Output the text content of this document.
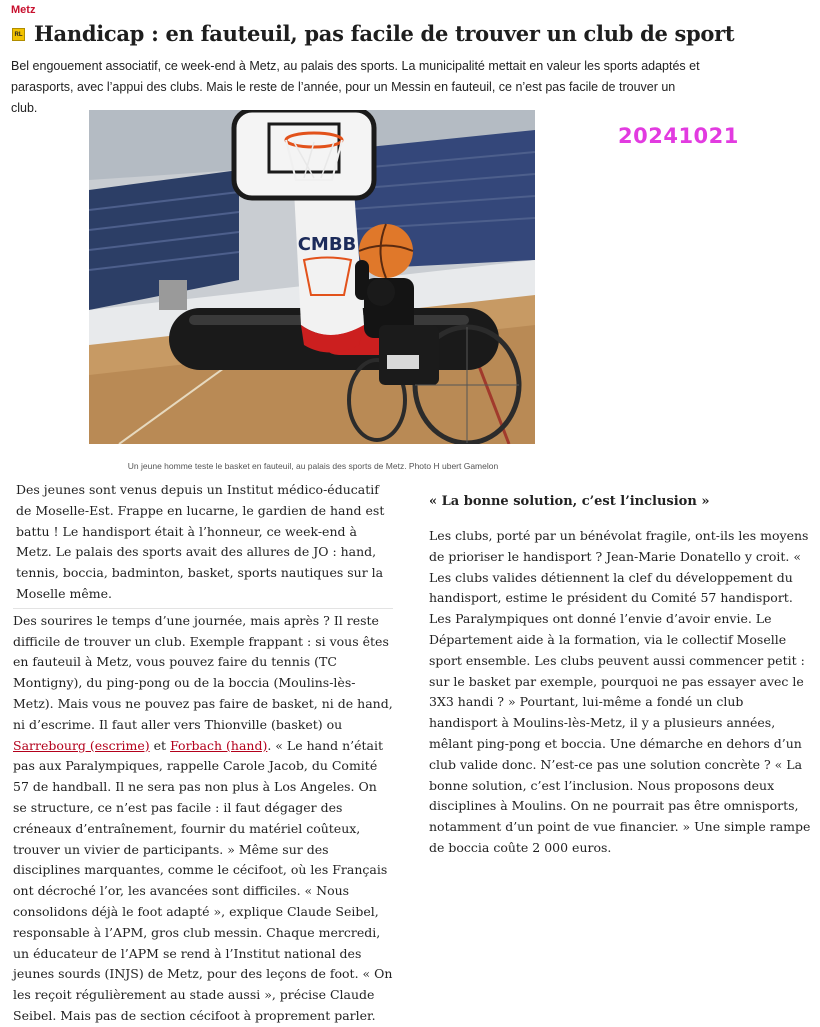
Metz
RL Handicap : en fauteuil, pas facile de trouver un club de sport
Bel engouement associatif, ce week-end à Metz, au palais des sports. La municipalité mettait en valeur les sports adaptés et parasports, avec l’appui des clubs. Mais le reste de l’année, pour un Messin en fauteuil, ce n’est pas facile de trouver un club.
CMBB
20241021
Un jeune homme teste le basket en fauteuil, au palais des sports de Metz. Photo H ubert Gamelon

Des jeunes sont venus depuis un Institut médico-éducatif de Moselle-Est. Frappe en lucarne, le gardien de hand est battu ! Le handisport était à l’honneur, ce week-end à Metz. Le palais des sports avait des allures de JO : hand, tennis, boccia, badminton, basket, sports nautiques sur la Moselle même.

Des sourires le temps d’une journée, mais après ? Il reste difficile de trouver un club. Exemple frappant : si vous êtes en fauteuil à Metz, vous pouvez faire du tennis (TC Montigny), du ping-pong ou de la boccia (Moulins-lès-Metz). Mais vous ne pouvez pas faire de basket, ni de hand, ni d’escrime. Il faut aller vers Thionville (basket) ou Sarrebourg (escrime) et Forbach (hand). « Le hand n’était pas aux Paralympiques, rappelle Carole Jacob, du Comité 57 de handball. Il ne sera pas non plus à Los Angeles. On se structure, ce n’est pas facile : il faut dégager des créneaux d’entraînement, fournir du matériel coûteux, trouver un vivier de participants. » Même sur des disciplines marquantes, comme le cécifoot, où les Français ont décroché l’or, les avancées sont difficiles. « Nous consolidons déjà le foot adapté », explique Claude Seibel, responsable à l’APM, gros club messin. Chaque mercredi, un éducateur de l’APM se rend à l’Institut national des jeunes sourds (INJS) de Metz, pour des leçons de foot. « On les reçoit régulièrement au stade aussi », précise Claude Seibel. Mais pas de section cécifoot à proprement parler.

« La bonne solution, c’est l’inclusion »

Les clubs, porté par un bénévolat fragile, ont-ils les moyens de prioriser le handisport ? Jean-Marie Donatello y croit. « Les clubs valides détiennent la clef du développement du handisport, estime le président du Comité 57 handisport. Les Paralympiques ont donné l’envie d’avoir envie. Le Département aide à la formation, via le collectif Moselle sport ensemble. Les clubs peuvent aussi commencer petit : sur le basket par exemple, pourquoi ne pas essayer avec le 3X3 handi ? » Pourtant, lui-même a fondé un club handisport à Moulins-lès-Metz, il y a plusieurs années, mêlant ping-pong et boccia. Une démarche en dehors d’un club valide donc. N’est-ce pas une solution concrète ? « La bonne solution, c’est l’inclusion. Nous proposons deux disciplines à Moulins. On ne pourrait pas être omnisports, notamment d’un point de vue financier. » Une simple rampe de boccia coûte 2 000 euros.
